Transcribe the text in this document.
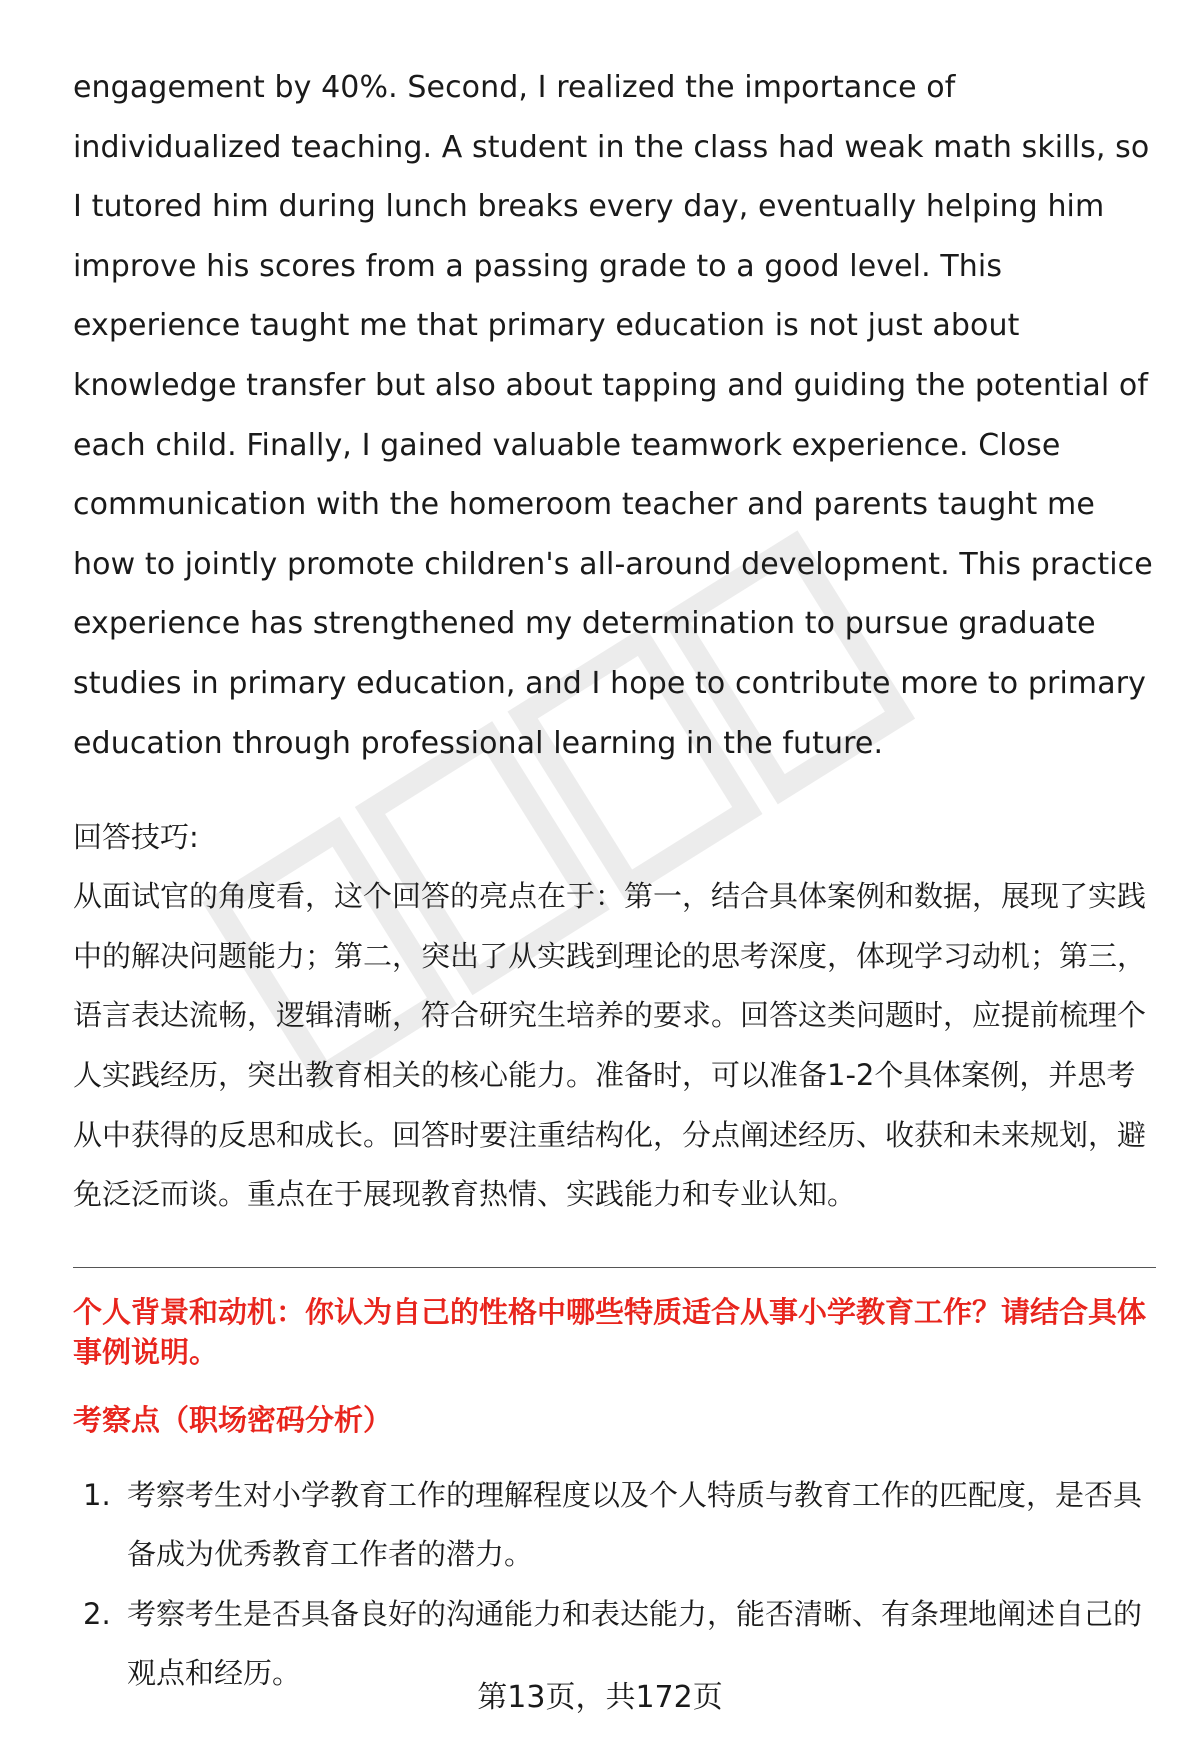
engagement by 40%. Second, I realized the importance of individualized teaching. A student in the class had weak math skills, so I tutored him during lunch breaks every day, eventually helping him improve his scores from a passing grade to a good level. This experience taught me that primary education is not just about knowledge transfer but also about tapping and guiding the potential of each child. Finally, I gained valuable teamwork experience. Close communication with the homeroom teacher and parents taught me how to jointly promote children's all-around development. This practice experience has strengthened my determination to pursue graduate studies in primary education, and I hope to contribute more to primary education through professional learning in the future.

回答技巧:

从面试官的角度看，这个回答的亮点在于：第一，结合具体案例和数据，展现了实践中的解决问题能力；第二，突出了从实践到理论的思考深度，体现学习动机；第三，语言表达流畅，逻辑清晰，符合研究生培养的要求。回答这类问题时，应提前梳理个人实践经历，突出教育相关的核心能力。准备时，可以准备1-2个具体案例，并思考从中获得的反思和成长。回答时要注重结构化，分点阐述经历、收获和未来规划，避免泛泛而谈。重点在于展现教育热情、实践能力和专业认知。

个人背景和动机：你认为自己的性格中哪些特质适合从事小学教育工作？请结合具体事例说明。

考察点（职场密码分析）

1. 考察考生对小学教育工作的理解程度以及个人特质与教育工作的匹配度，是否具备成为优秀教育工作者的潜力。
2. 考察考生是否具备良好的沟通能力和表达能力，能否清晰、有条理地阐述自己的观点和经历。
第13页，共172页
